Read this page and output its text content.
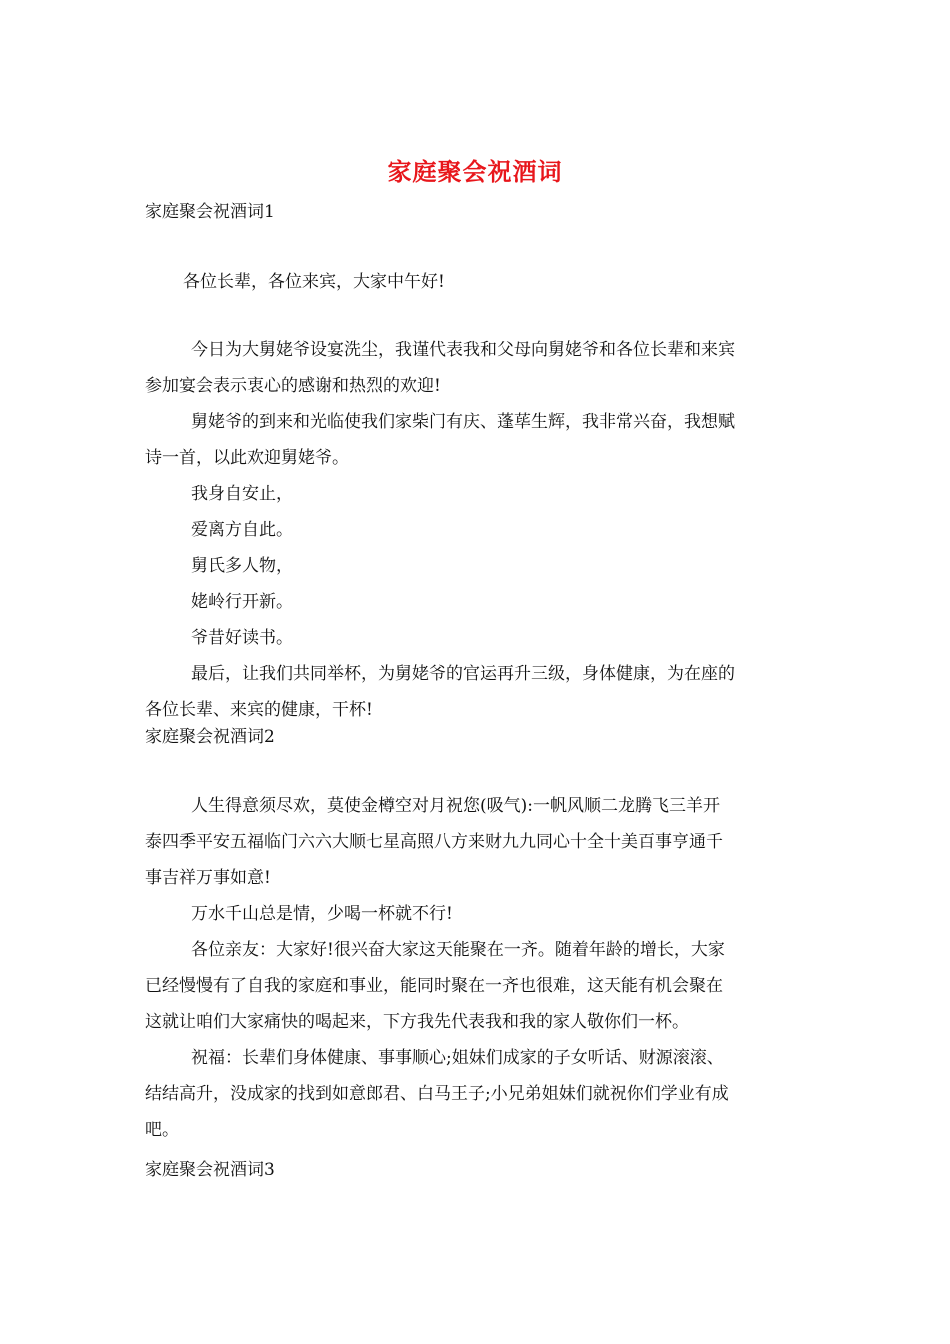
家庭聚会祝酒词
家庭聚会祝酒词1
各位长辈，各位来宾，大家中午好!
今日为大舅姥爷设宴洗尘，我谨代表我和父母向舅姥爷和各位长辈和来宾
参加宴会表示衷心的感谢和热烈的欢迎!
舅姥爷的到来和光临使我们家柴门有庆、蓬荜生辉，我非常兴奋，我想赋
诗一首，以此欢迎舅姥爷。
我身自安止，
爱离方自此。
舅氏多人物，
姥岭行开新。
爷昔好读书。
最后，让我们共同举杯，为舅姥爷的官运再升三级，身体健康，为在座的
各位长辈、来宾的健康，干杯!
家庭聚会祝酒词2
人生得意须尽欢，莫使金樽空对月祝您(吸气):一帆风顺二龙腾飞三羊开
泰四季平安五福临门六六大顺七星高照八方来财九九同心十全十美百事亨通千
事吉祥万事如意!
万水千山总是情，少喝一杯就不行!
各位亲友：大家好!很兴奋大家这天能聚在一齐。随着年龄的增长，大家
已经慢慢有了自我的家庭和事业，能同时聚在一齐也很难，这天能有机会聚在
这就让咱们大家痛快的喝起来，下方我先代表我和我的家人敬你们一杯。
祝福：长辈们身体健康、事事顺心;姐妹们成家的子女听话、财源滚滚、
结结高升，没成家的找到如意郎君、白马王子;小兄弟姐妹们就祝你们学业有成
吧。
家庭聚会祝酒词3
